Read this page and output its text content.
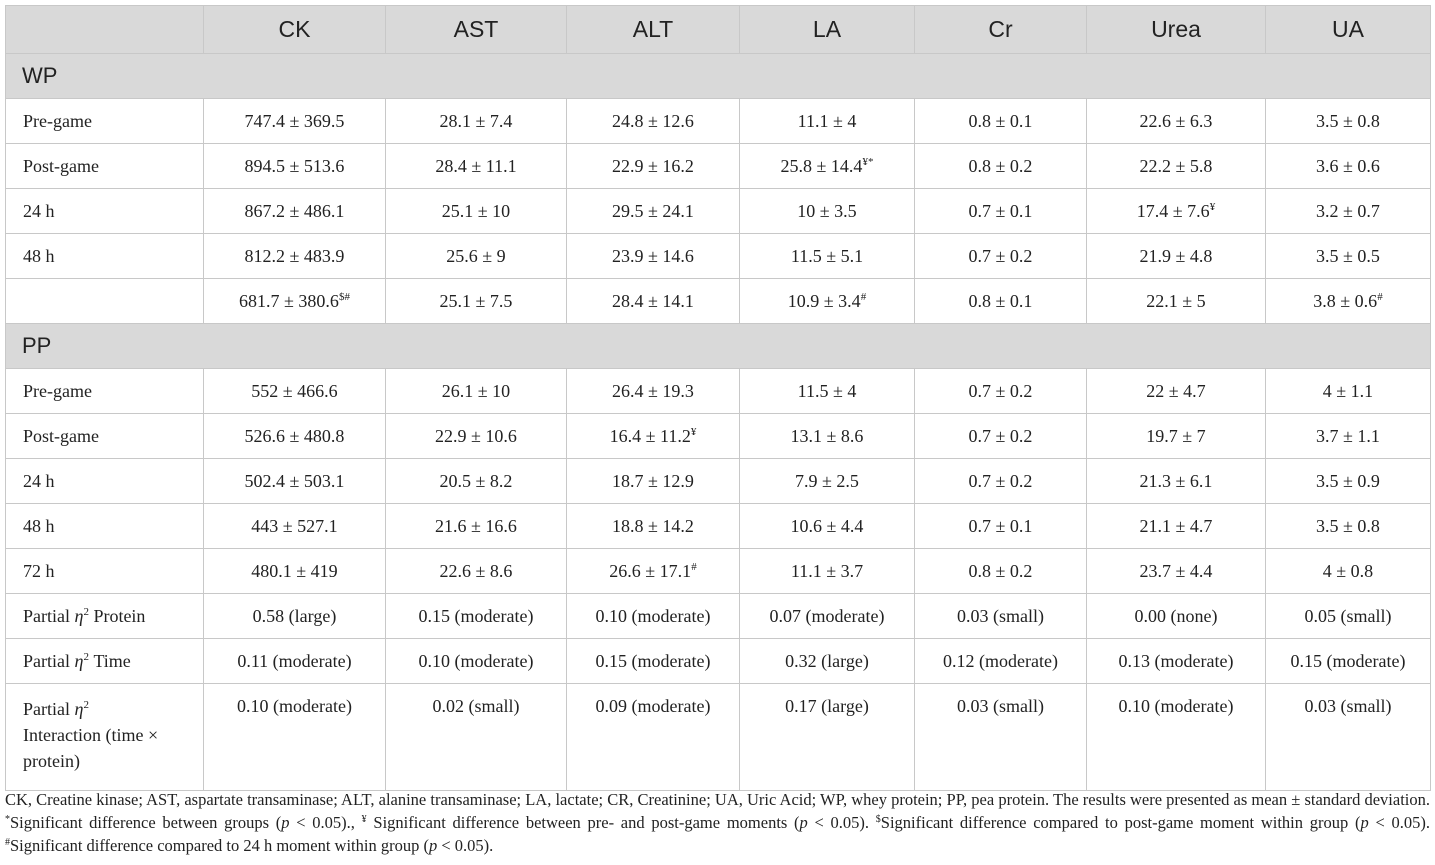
	CK	AST	ALT	LA	Cr	Urea	UA
WP							
Pre-game	747.4 ± 369.5	28.1 ± 7.4	24.8 ± 12.6	11.1 ± 4	0.8 ± 0.1	22.6 ± 6.3	3.5 ± 0.8
Post-game	894.5 ± 513.6	28.4 ± 11.1	22.9 ± 16.2	25.8 ± 14.4¥*	0.8 ± 0.2	22.2 ± 5.8	3.6 ± 0.6
24 h	867.2 ± 486.1	25.1 ± 10	29.5 ± 24.1	10 ± 3.5	0.7 ± 0.1	17.4 ± 7.6¥	3.2 ± 0.7
48 h	812.2 ± 483.9	25.6 ± 9	23.9 ± 14.6	11.5 ± 5.1	0.7 ± 0.2	21.9 ± 4.8	3.5 ± 0.5
	681.7 ± 380.6$#	25.1 ± 7.5	28.4 ± 14.1	10.9 ± 3.4#	0.8 ± 0.1	22.1 ± 5	3.8 ± 0.6#
PP							
Pre-game	552 ± 466.6	26.1 ± 10	26.4 ± 19.3	11.5 ± 4	0.7 ± 0.2	22 ± 4.7	4 ± 1.1
Post-game	526.6 ± 480.8	22.9 ± 10.6	16.4 ± 11.2¥	13.1 ± 8.6	0.7 ± 0.2	19.7 ± 7	3.7 ± 1.1
24 h	502.4 ± 503.1	20.5 ± 8.2	18.7 ± 12.9	7.9 ± 2.5	0.7 ± 0.2	21.3 ± 6.1	3.5 ± 0.9
48 h	443 ± 527.1	21.6 ± 16.6	18.8 ± 14.2	10.6 ± 4.4	0.7 ± 0.1	21.1 ± 4.7	3.5 ± 0.8
72 h	480.1 ± 419	22.6 ± 8.6	26.6 ± 17.1#	11.1 ± 3.7	0.8 ± 0.2	23.7 ± 4.4	4 ± 0.8
Partial $\eta^2$ Protein	0.58 (large)	0.15 (moderate)	0.10 (moderate)	0.07 (moderate)	0.03 (small)	0.00 (none)	0.05 (small)
Partial $\eta^2$ Time	0.11 (moderate)	0.10 (moderate)	0.15 (moderate)	0.32 (large)	0.12 (moderate)	0.13 (moderate)	0.15 (moderate)
Partial $\eta^2$
Interaction (time ×
protein)	0.10 (moderate)	0.02 (small)	0.09 (moderate)	0.17 (large)	0.03 (small)	0.10 (moderate)	0.03 (small)
CK, Creatine kinase; AST, aspartate transaminase; ALT, alanine transaminase; LA, lactate; CR, Creatinine; UA, Uric Acid; WP, whey protein; PP, pea protein. The results were presented as mean ± standard deviation. *Significant difference between groups (p < 0.05)., ¥ Significant difference between pre- and post-game moments (p < 0.05). $Significant difference compared to post-game moment within group (p < 0.05). #Significant difference compared to 24 h moment within group (p < 0.05).
